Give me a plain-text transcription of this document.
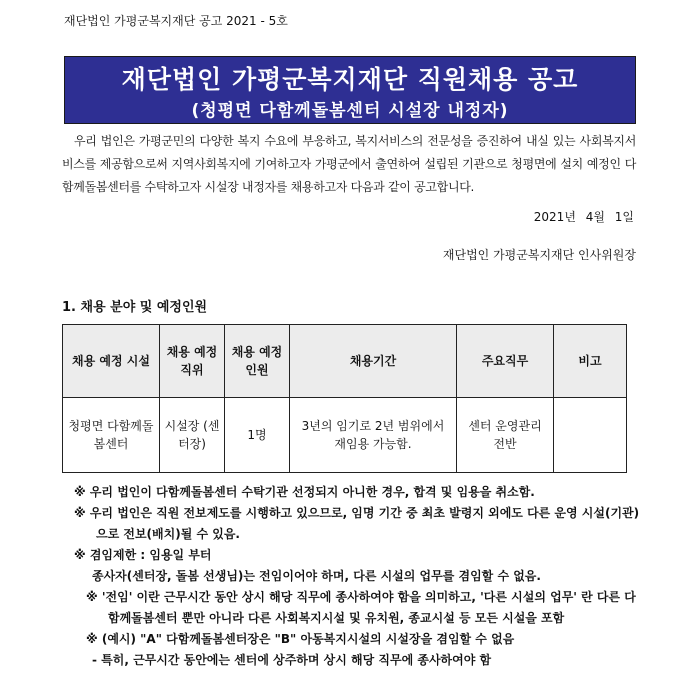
재단법인 가평군복지재단 공고 2021 - 5호
재단법인 가평군복지재단 직원채용 공고
(청평면 다함께돌봄센터 시설장 내정자)
우리 법인은 가평군민의 다양한 복지 수요에 부응하고, 복지서비스의 전문성을 증진하여 내실 있는 사회복지서비스를 제공함으로써 지역사회복지에 기여하고자 가평군에서 출연하여 설립된 기관으로 청평면에 설치 예정인 다함께돌봄센터를 수탁하고자 시설장 내정자를 채용하고자 다음과 같이 공고합니다.
2021년 4월 1일
재단법인 가평군복지재단 인사위원장
1. 채용 분야 및 예정인원
채용 예정 시설	채용 예정 직위	채용 예정 인원	채용기간	주요직무	비고
청평면 다함께돌봄센터	시설장 (센터장)	1명	3년의 임기로 2년 범위에서 재임용 가능함.	센터 운영관리 전반	
※ 우리 법인이 다함께돌봄센터 수탁기관 선정되지 아니한 경우, 합격 및 임용을 취소함.
※ 우리 법인은 직원 전보제도를 시행하고 있으므로, 임명 기간 중 최초 발령지 외에도 다른 운영 시설(기관)으로 전보(배치)될 수 있음.
※ 겸임제한 : 임용일 부터
종사자(센터장, 돌봄 선생님)는 전임이어야 하며, 다른 시설의 업무를 겸임할 수 없음.
※ '전임' 이란 근무시간 동안 상시 해당 직무에 종사하여야 함을 의미하고, '다른 시설의 업무' 란 다른 다함께돌봄센터 뿐만 아니라 다른 사회복지시설 및 유치원, 종교시설 등 모든 시설을 포함
※ (예시) "A" 다함께돌봄센터장은 "B" 아동복지시설의 시설장을 겸임할 수 없음
- 특히, 근무시간 동안에는 센터에 상주하며 상시 해당 직무에 종사하여야 함
